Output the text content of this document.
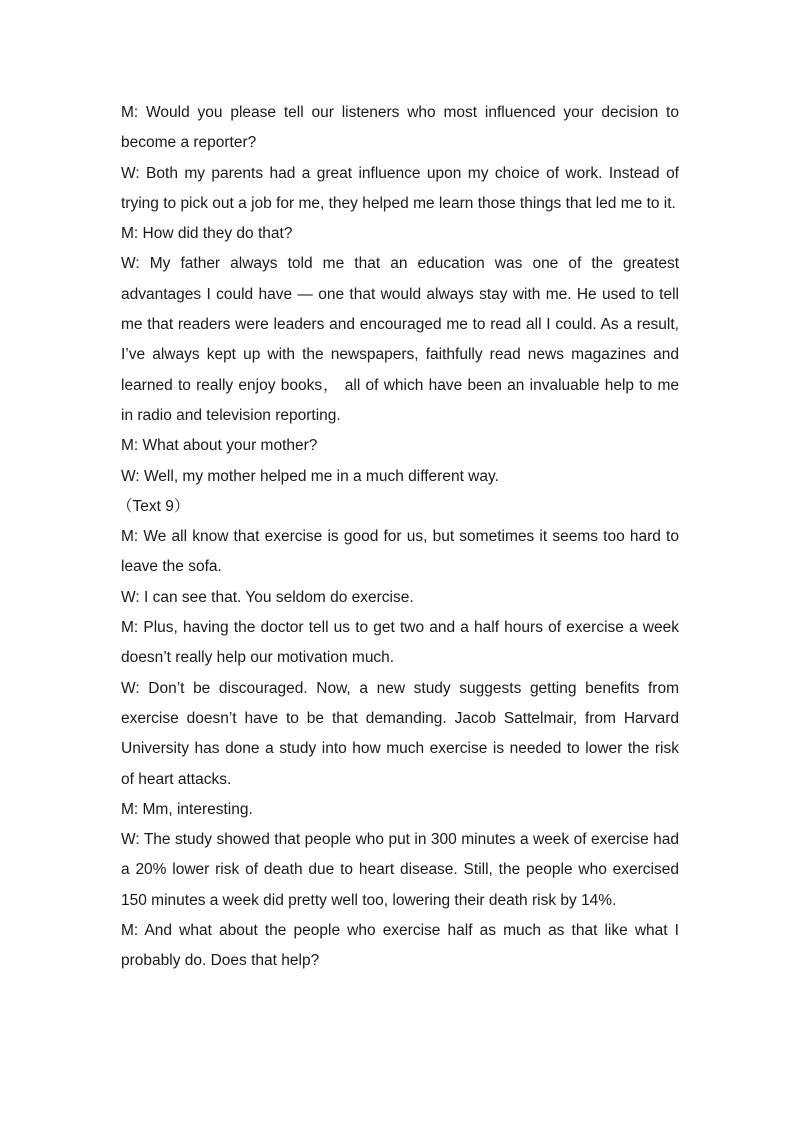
M: Would you please tell our listeners who most influenced your decision to become a reporter?

W: Both my parents had a great influence upon my choice of work. Instead of trying to pick out a job for me, they helped me learn those things that led me to it.

M: How did they do that?

W: My father always told me that an education was one of the greatest advantages I could have — one that would always stay with me. He used to tell me that readers were leaders and encouraged me to read all I could. As a result, I’ve always kept up with the newspapers, faithfully read news magazines and learned to really enjoy books， all of which have been an invaluable help to me in radio and television reporting.

M: What about your mother?

W: Well, my mother helped me in a much different way.

（Text 9）

M: We all know that exercise is good for us, but sometimes it seems too hard to leave the sofa.

W: I can see that. You seldom do exercise.

M: Plus, having the doctor tell us to get two and a half hours of exercise a week doesn’t really help our motivation much.

W: Don’t be discouraged. Now, a new study suggests getting benefits from exercise doesn’t have to be that demanding. Jacob Sattelmair, from Harvard University has done a study into how much exercise is needed to lower the risk of heart attacks.

M: Mm, interesting.

W: The study showed that people who put in 300 minutes a week of exercise had a 20% lower risk of death due to heart disease. Still, the people who exercised 150 minutes a week did pretty well too, lowering their death risk by 14%.

M: And what about the people who exercise half as much as that like what I probably do. Does that help?
